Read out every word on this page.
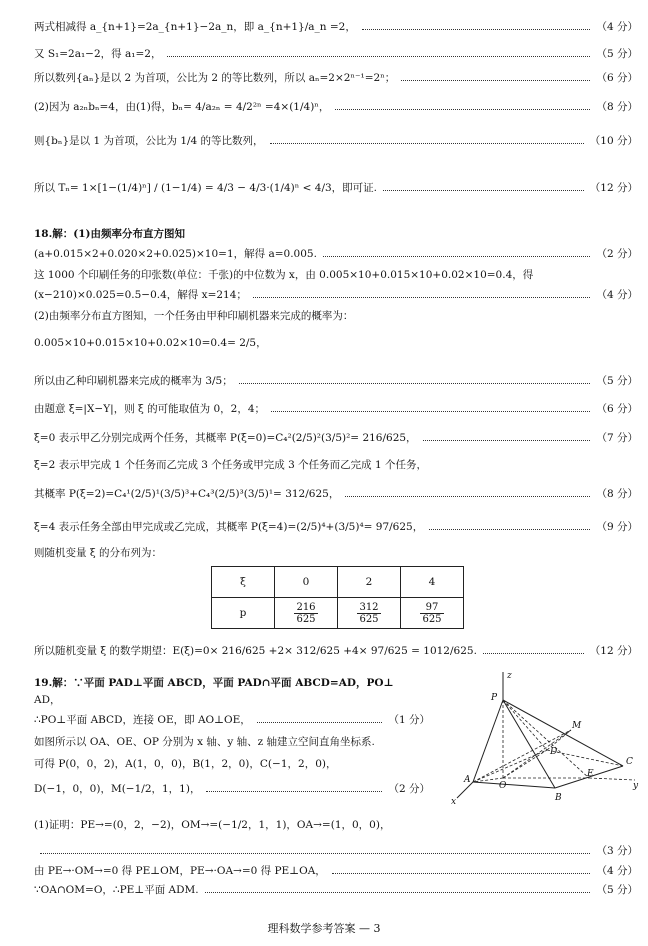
两式相减得 a_{n+1}=2a_{n+1}−2a_n，即 a_{n+1}/a_n =2，	（4 分）
又 S₁=2a₁−2，得 a₁=2，	（5 分）
所以数列{aₙ}是以 2 为首项，公比为 2 的等比数列，所以 aₙ=2×2ⁿ⁻¹=2ⁿ；	（6 分）
(2)因为 a₂ₙbₙ=4，由(1)得，bₙ= 4/a₂ₙ = 4/2²ⁿ =4×(1/4)ⁿ，	（8 分）
则{bₙ}是以 1 为首项，公比为 1/4 的等比数列，	（10 分）
所以 Tₙ= 1×[1−(1/4)ⁿ] / (1−1/4) = 4/3 − 4/3·(1/4)ⁿ < 4/3，即可证.	（12 分）
18.解：(1)由频率分布直方图知
(a+0.015×2+0.020×2+0.025)×10=1，解得 a=0.005.	（2 分）
这 1000 个印刷任务的印张数(单位：千张)的中位数为 x，由 0.005×10+0.015×10+0.02×10=0.4，得
(x−210)×0.025=0.5−0.4，解得 x=214；	（4 分）
(2)由频率分布直方图知，一个任务由甲种印刷机器来完成的概率为：
0.005×10+0.015×10+0.02×10=0.4= 2/5，
所以由乙种印刷机器来完成的概率为 3/5；	（5 分）
由题意 ξ=|X−Y|，则 ξ 的可能取值为 0，2，4；	（6 分）
ξ=0 表示甲乙分别完成两个任务，其概率 P(ξ=0)=C₄²(2/5)²(3/5)²= 216/625，	（7 分）
ξ=2 表示甲完成 1 个任务而乙完成 3 个任务或甲完成 3 个任务而乙完成 1 个任务，
其概率 P(ξ=2)=C₄¹(2/5)¹(3/5)³+C₄³(2/5)³(3/5)¹= 312/625，	（8 分）
ξ=4 表示任务全部由甲完成或乙完成，其概率 P(ξ=4)=(2/5)⁴+(3/5)⁴= 97/625，	（9 分）
则随机变量 ξ 的分布列为：
ξ	0	2	4
p	$\frac{216}{625}$	$\frac{312}{625}$	$\frac{97}{625}$
所以随机变量 ξ 的数学期望：E(ξ)=0× 216/625 +2× 312/625 +4× 97/625 = 1012/625.	（12 分）
19.解：∵平面 PAD⊥平面 ABCD，平面 PAD∩平面 ABCD=AD，PO⊥
AD，
∴PO⊥平面 ABCD，连接 OE，即 AO⊥OE，	（1 分）
如图所示以 OA、OE、OP 分别为 x 轴、y 轴、z 轴建立空间直角坐标系.
可得 P(0，0，2)，A(1，0，0)，B(1，2，0)，C(−1，2，0)，
D(−1，0，0)，M(−1/2，1，1)，	（2 分）
(1)证明：PE→=(0，2，−2)，OM→=(−1/2，1，1)，OA→=(1，0，0)，
（3 分）
由 PE→·OM→=0 得 PE⊥OM，PE→·OA→=0 得 PE⊥OA，	（4 分）
∵OA∩OM=O，∴PE⊥平面 ADM.	（5 分）
P
z
M
D
C
A
O
E
B
x
y
理科数学参考答案 — 3
